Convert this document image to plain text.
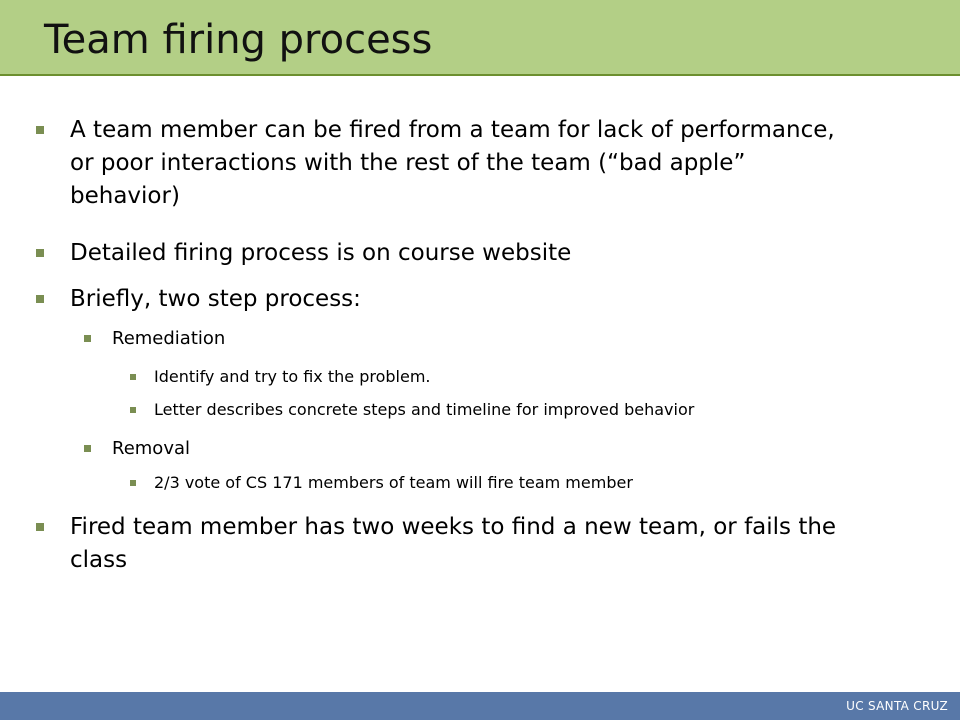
Team firing process
A team member can be fired from a team for lack of performance, or poor interactions with the rest of the team (“bad apple” behavior)
Detailed firing process is on course website
Briefly, two step process:
Remediation
Identify and try to fix the problem.
Letter describes concrete steps and timeline for improved behavior
Removal
2/3 vote of CS 171 members of team will fire team member
Fired team member has two weeks to find a new team, or fails the class
UC SANTA CRUZ
